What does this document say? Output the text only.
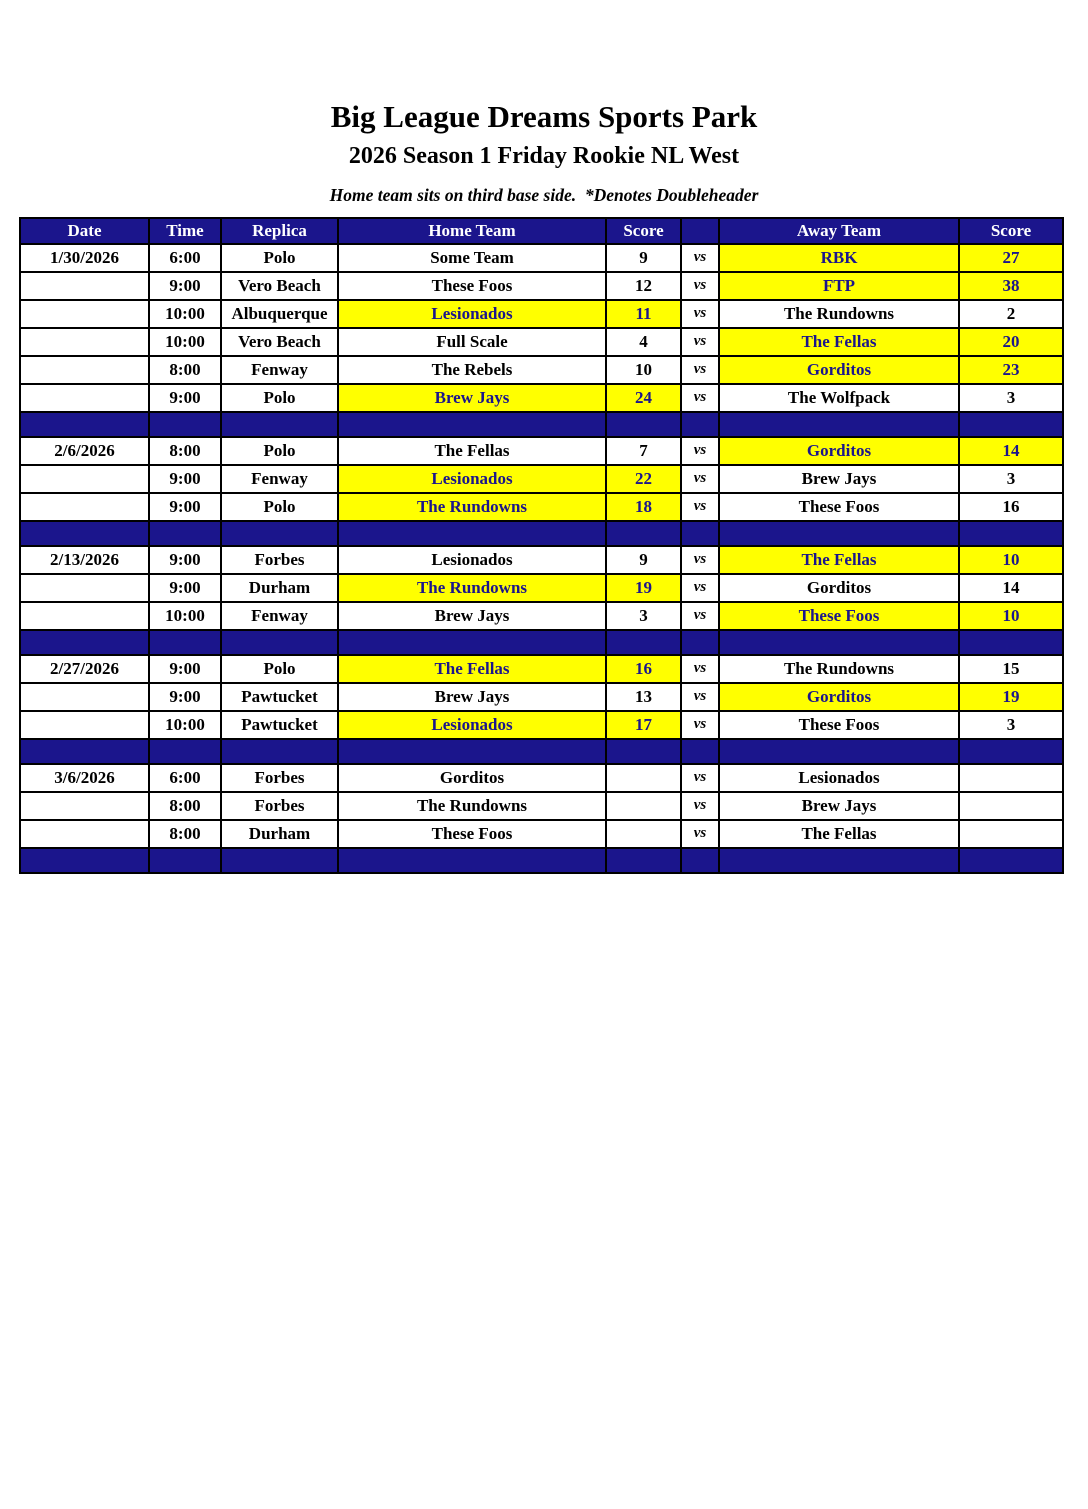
Big League Dreams Sports Park
2026 Season 1 Friday Rookie NL West

Home team sits on third base side.  *Denotes Doubleheader

Date	Time	Replica	Home Team	Score		Away Team	Score
1/30/2026	6:00	Polo	Some Team	9	vs	RBK	27
	9:00	Vero Beach	These Foos	12	vs	FTP	38
	10:00	Albuquerque	Lesionados	11	vs	The Rundowns	2
	10:00	Vero Beach	Full Scale	4	vs	The Fellas	20
	8:00	Fenway	The Rebels	10	vs	Gorditos	23
	9:00	Polo	Brew Jays	24	vs	The Wolfpack	3

2/6/2026	8:00	Polo	The Fellas	7	vs	Gorditos	14
	9:00	Fenway	Lesionados	22	vs	Brew Jays	3
	9:00	Polo	The Rundowns	18	vs	These Foos	16

2/13/2026	9:00	Forbes	Lesionados	9	vs	The Fellas	10
	9:00	Durham	The Rundowns	19	vs	Gorditos	14
	10:00	Fenway	Brew Jays	3	vs	These Foos	10

2/27/2026	9:00	Polo	The Fellas	16	vs	The Rundowns	15
	9:00	Pawtucket	Brew Jays	13	vs	Gorditos	19
	10:00	Pawtucket	Lesionados	17	vs	These Foos	3

3/6/2026	6:00	Forbes	Gorditos		vs	Lesionados	
	8:00	Forbes	The Rundowns		vs	Brew Jays	
	8:00	Durham	These Foos		vs	The Fellas	
